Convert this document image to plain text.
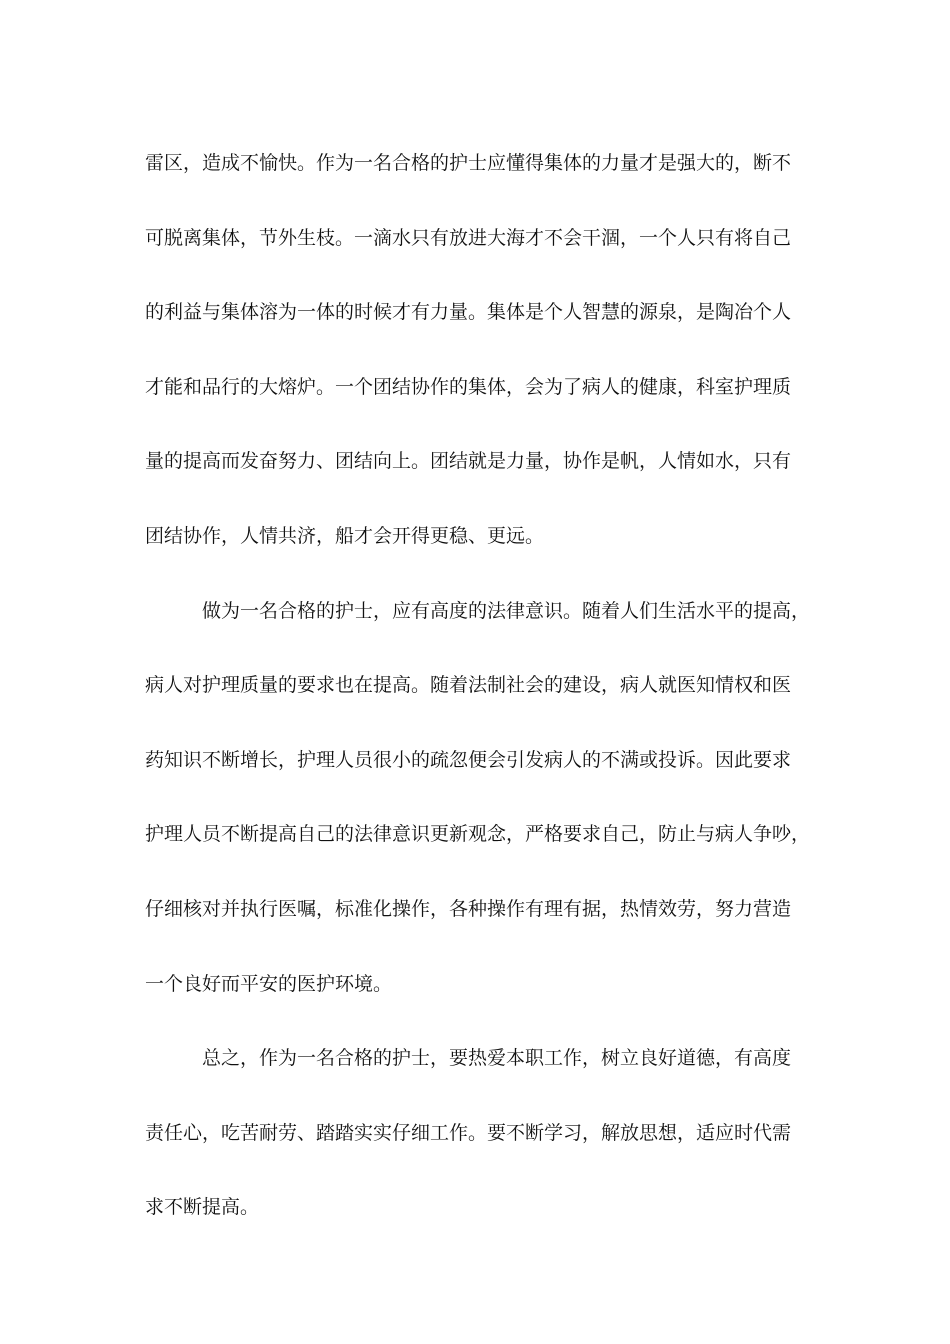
雷区，造成不愉快。作为一名合格的护士应懂得集体的力量才是强大的，断不
可脱离集体，节外生枝。一滴水只有放进大海才不会干涸，一个人只有将自己
的利益与集体溶为一体的时候才有力量。集体是个人智慧的源泉，是陶冶个人
才能和品行的大熔炉。一个团结协作的集体，会为了病人的健康，科室护理质
量的提高而发奋努力、团结向上。团结就是力量，协作是帆，人情如水，只有
团结协作，人情共济，船才会开得更稳、更远。
做为一名合格的护士，应有高度的法律意识。随着人们生活水平的提高，
病人对护理质量的要求也在提高。随着法制社会的建设，病人就医知情权和医
药知识不断增长，护理人员很小的疏忽便会引发病人的不满或投诉。因此要求
护理人员不断提高自己的法律意识更新观念，严格要求自己，防止与病人争吵，
仔细核对并执行医嘱，标准化操作，各种操作有理有据，热情效劳，努力营造
一个良好而平安的医护环境。
总之，作为一名合格的护士，要热爱本职工作，树立良好道德，有高度
责任心，吃苦耐劳、踏踏实实仔细工作。要不断学习，解放思想，适应时代需
求不断提高。
